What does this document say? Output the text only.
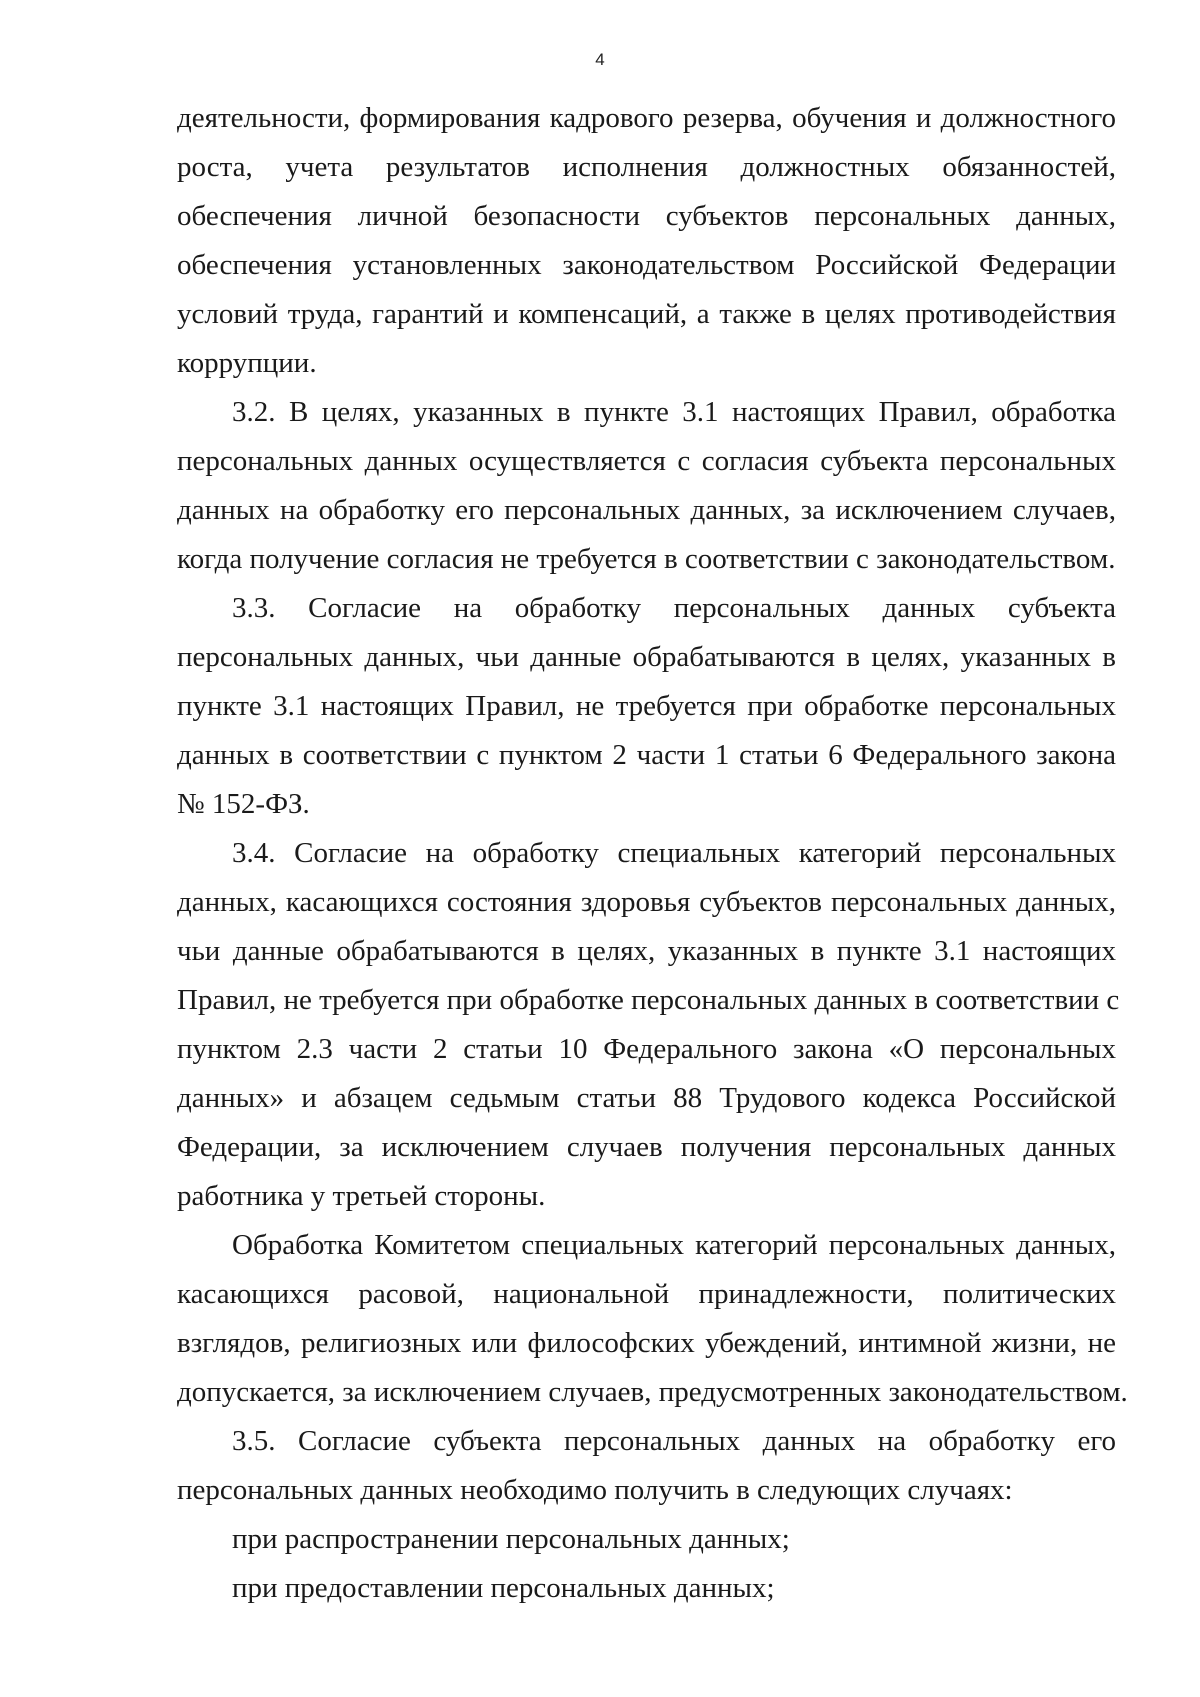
4
деятельности, формирования кадрового резерва, обучения и должностного
роста, учета результатов исполнения должностных обязанностей,
обеспечения личной безопасности субъектов персональных данных,
обеспечения установленных законодательством Российской Федерации
условий труда, гарантий и компенсаций, а также в целях противодействия
коррупции.
3.2. В целях, указанных в пункте 3.1 настоящих Правил, обработка
персональных данных осуществляется с согласия субъекта персональных
данных на обработку его персональных данных, за исключением случаев,
когда получение согласия не требуется в соответствии с законодательством.
3.3. Согласие на обработку персональных данных субъекта
персональных данных, чьи данные обрабатываются в целях, указанных в
пункте 3.1 настоящих Правил, не требуется при обработке персональных
данных в соответствии с пунктом 2 части 1 статьи 6 Федерального закона
№ 152-ФЗ.
3.4. Согласие на обработку специальных категорий персональных
данных, касающихся состояния здоровья субъектов персональных данных,
чьи данные обрабатываются в целях, указанных в пункте 3.1 настоящих
Правил, не требуется при обработке персональных данных в соответствии с
пунктом 2.3 части 2 статьи 10 Федерального закона «О персональных
данных» и абзацем седьмым статьи 88 Трудового кодекса Российской
Федерации, за исключением случаев получения персональных данных
работника у третьей стороны.
Обработка Комитетом специальных категорий персональных данных,
касающихся расовой, национальной принадлежности, политических
взглядов, религиозных или философских убеждений, интимной жизни, не
допускается, за исключением случаев, предусмотренных законодательством.
3.5. Согласие субъекта персональных данных на обработку его
персональных данных необходимо получить в следующих случаях:
при распространении персональных данных;
при предоставлении персональных данных;
